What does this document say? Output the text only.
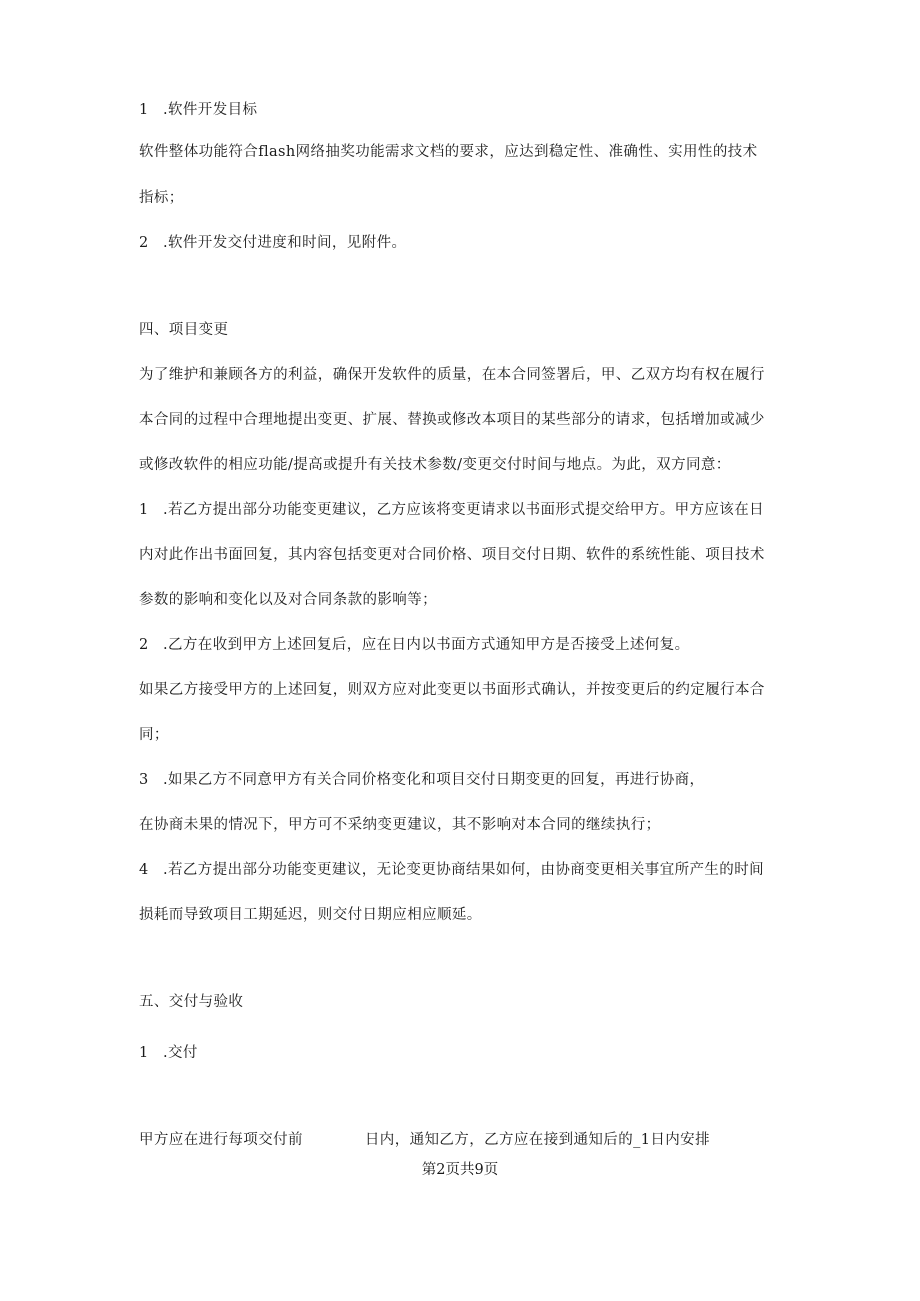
1 .软件开发目标
软件整体功能符合flash网络抽奖功能需求文档的要求，应达到稳定性、准确性、实用性的技术
指标；
2 .软件开发交付进度和时间，见附件。
四、项目变更
为了维护和兼顾各方的利益，确保开发软件的质量，在本合同签署后，甲、乙双方均有权在履行
本合同的过程中合理地提出变更、扩展、替换或修改本项目的某些部分的请求，包括增加或减少
或修改软件的相应功能/提高或提升有关技术参数/变更交付时间与地点。为此，双方同意：
1 .若乙方提出部分功能变更建议，乙方应该将变更请求以书面形式提交给甲方。甲方应该在日
内对此作出书面回复，其内容包括变更对合同价格、项目交付日期、软件的系统性能、项目技术
参数的影响和变化以及对合同条款的影响等；
2 .乙方在收到甲方上述回复后，应在日内以书面方式通知甲方是否接受上述何复。
如果乙方接受甲方的上述回复，则双方应对此变更以书面形式确认，并按变更后的约定履行本合
同；
3 .如果乙方不同意甲方有关合同价格变化和项目交付日期变更的回复，再进行协商，
在协商未果的情况下，甲方可不采纳变更建议，其不影响对本合同的继续执行；
4 .若乙方提出部分功能变更建议，无论变更协商结果如何，由协商变更相关事宜所产生的时间
损耗而导致项目工期延迟，则交付日期应相应顺延。
五、交付与验收
1 .交付
甲方应在进行每项交付前	日内，通知乙方，乙方应在接到通知后的_1日内安排
第2页共9页
